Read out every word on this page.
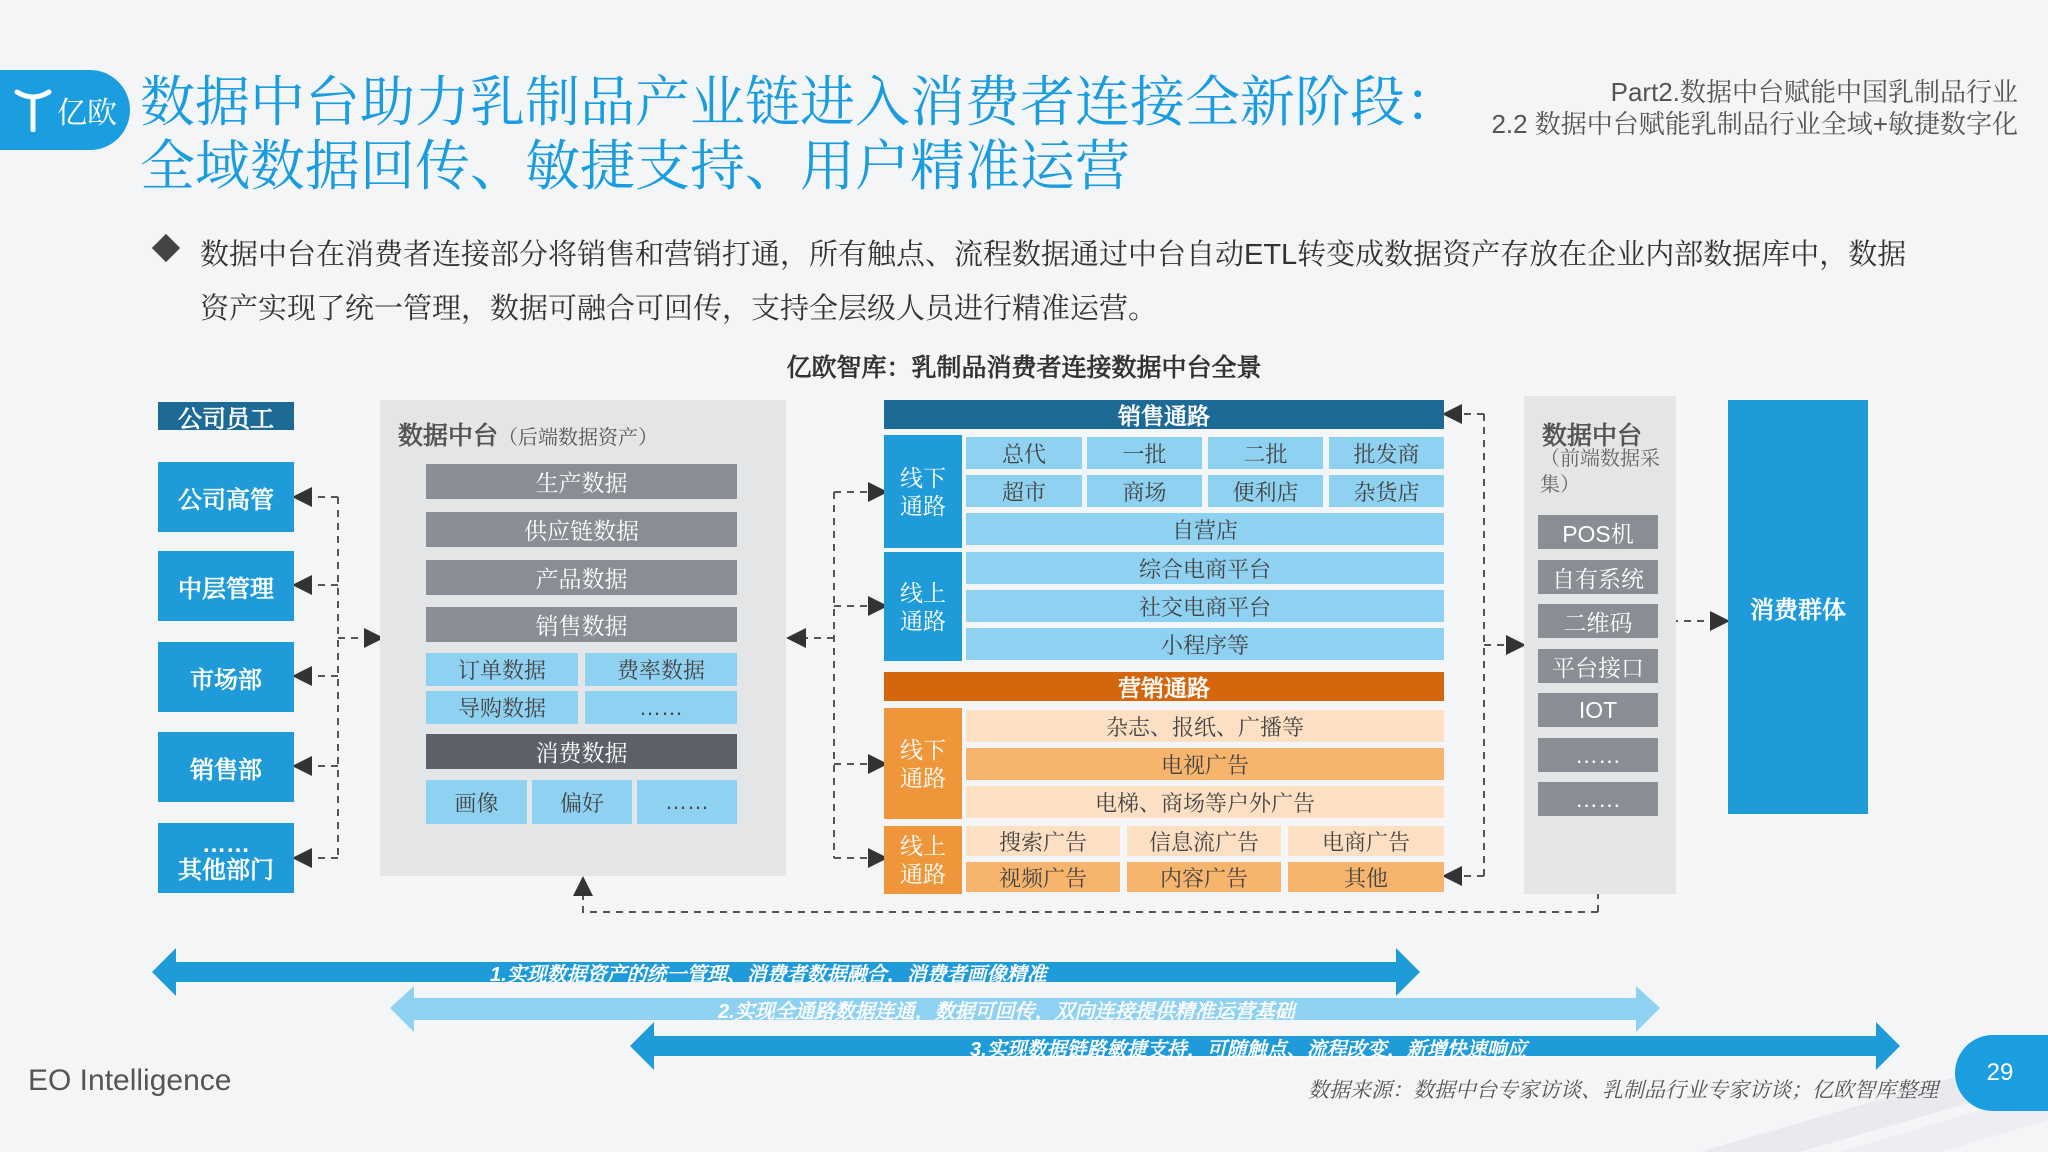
亿欧 数据中台助力乳制品产业链进入消费者连接全新阶段：全域数据回传、敏捷支持、用户精准运营
Part2.数据中台赋能中国乳制品行业
2.2 数据中台赋能乳制品行业全域+敏捷数字化
数据中台在消费者连接部分将销售和营销打通，所有触点、流程数据通过中台自动ETL转变成数据资产存放在企业内部数据库中，数据资产实现了统一管理，数据可融合可回传，支持全层级人员进行精准运营。
亿欧智库：乳制品消费者连接数据中台全景
公司员工
公司高管
中层管理
市场部
销售部
……
其他部门
数据中台（后端数据资产）
生产数据
供应链数据
产品数据
销售数据
订单数据	费率数据
导购数据	……
消费数据
画像	偏好	……
销售通路
线下
通路
总代	一批	二批	批发商
超市	商场	便利店	杂货店
自营店
线上
通路
综合电商平台
社交电商平台
小程序等
营销通路
线下
通路
杂志、报纸、广播等
电视广告
电梯、商场等户外广告
线上
通路
搜索广告	信息流广告	电商广告
视频广告	内容广告	其他
数据中台
（前端数据采集）
POS机
自有系统
二维码
平台接口
IOT
……
……
消费群体
1.实现数据资产的统一管理、消费者数据融合，消费者画像精准
2.实现全通路数据连通，数据可回传，双向连接提供精准运营基础
3.实现数据链路敏捷支持，可随触点、流程改变，新增快速响应
EO Intelligence	数据来源：数据中台专家访谈、乳制品行业专家访谈；亿欧智库整理
29
